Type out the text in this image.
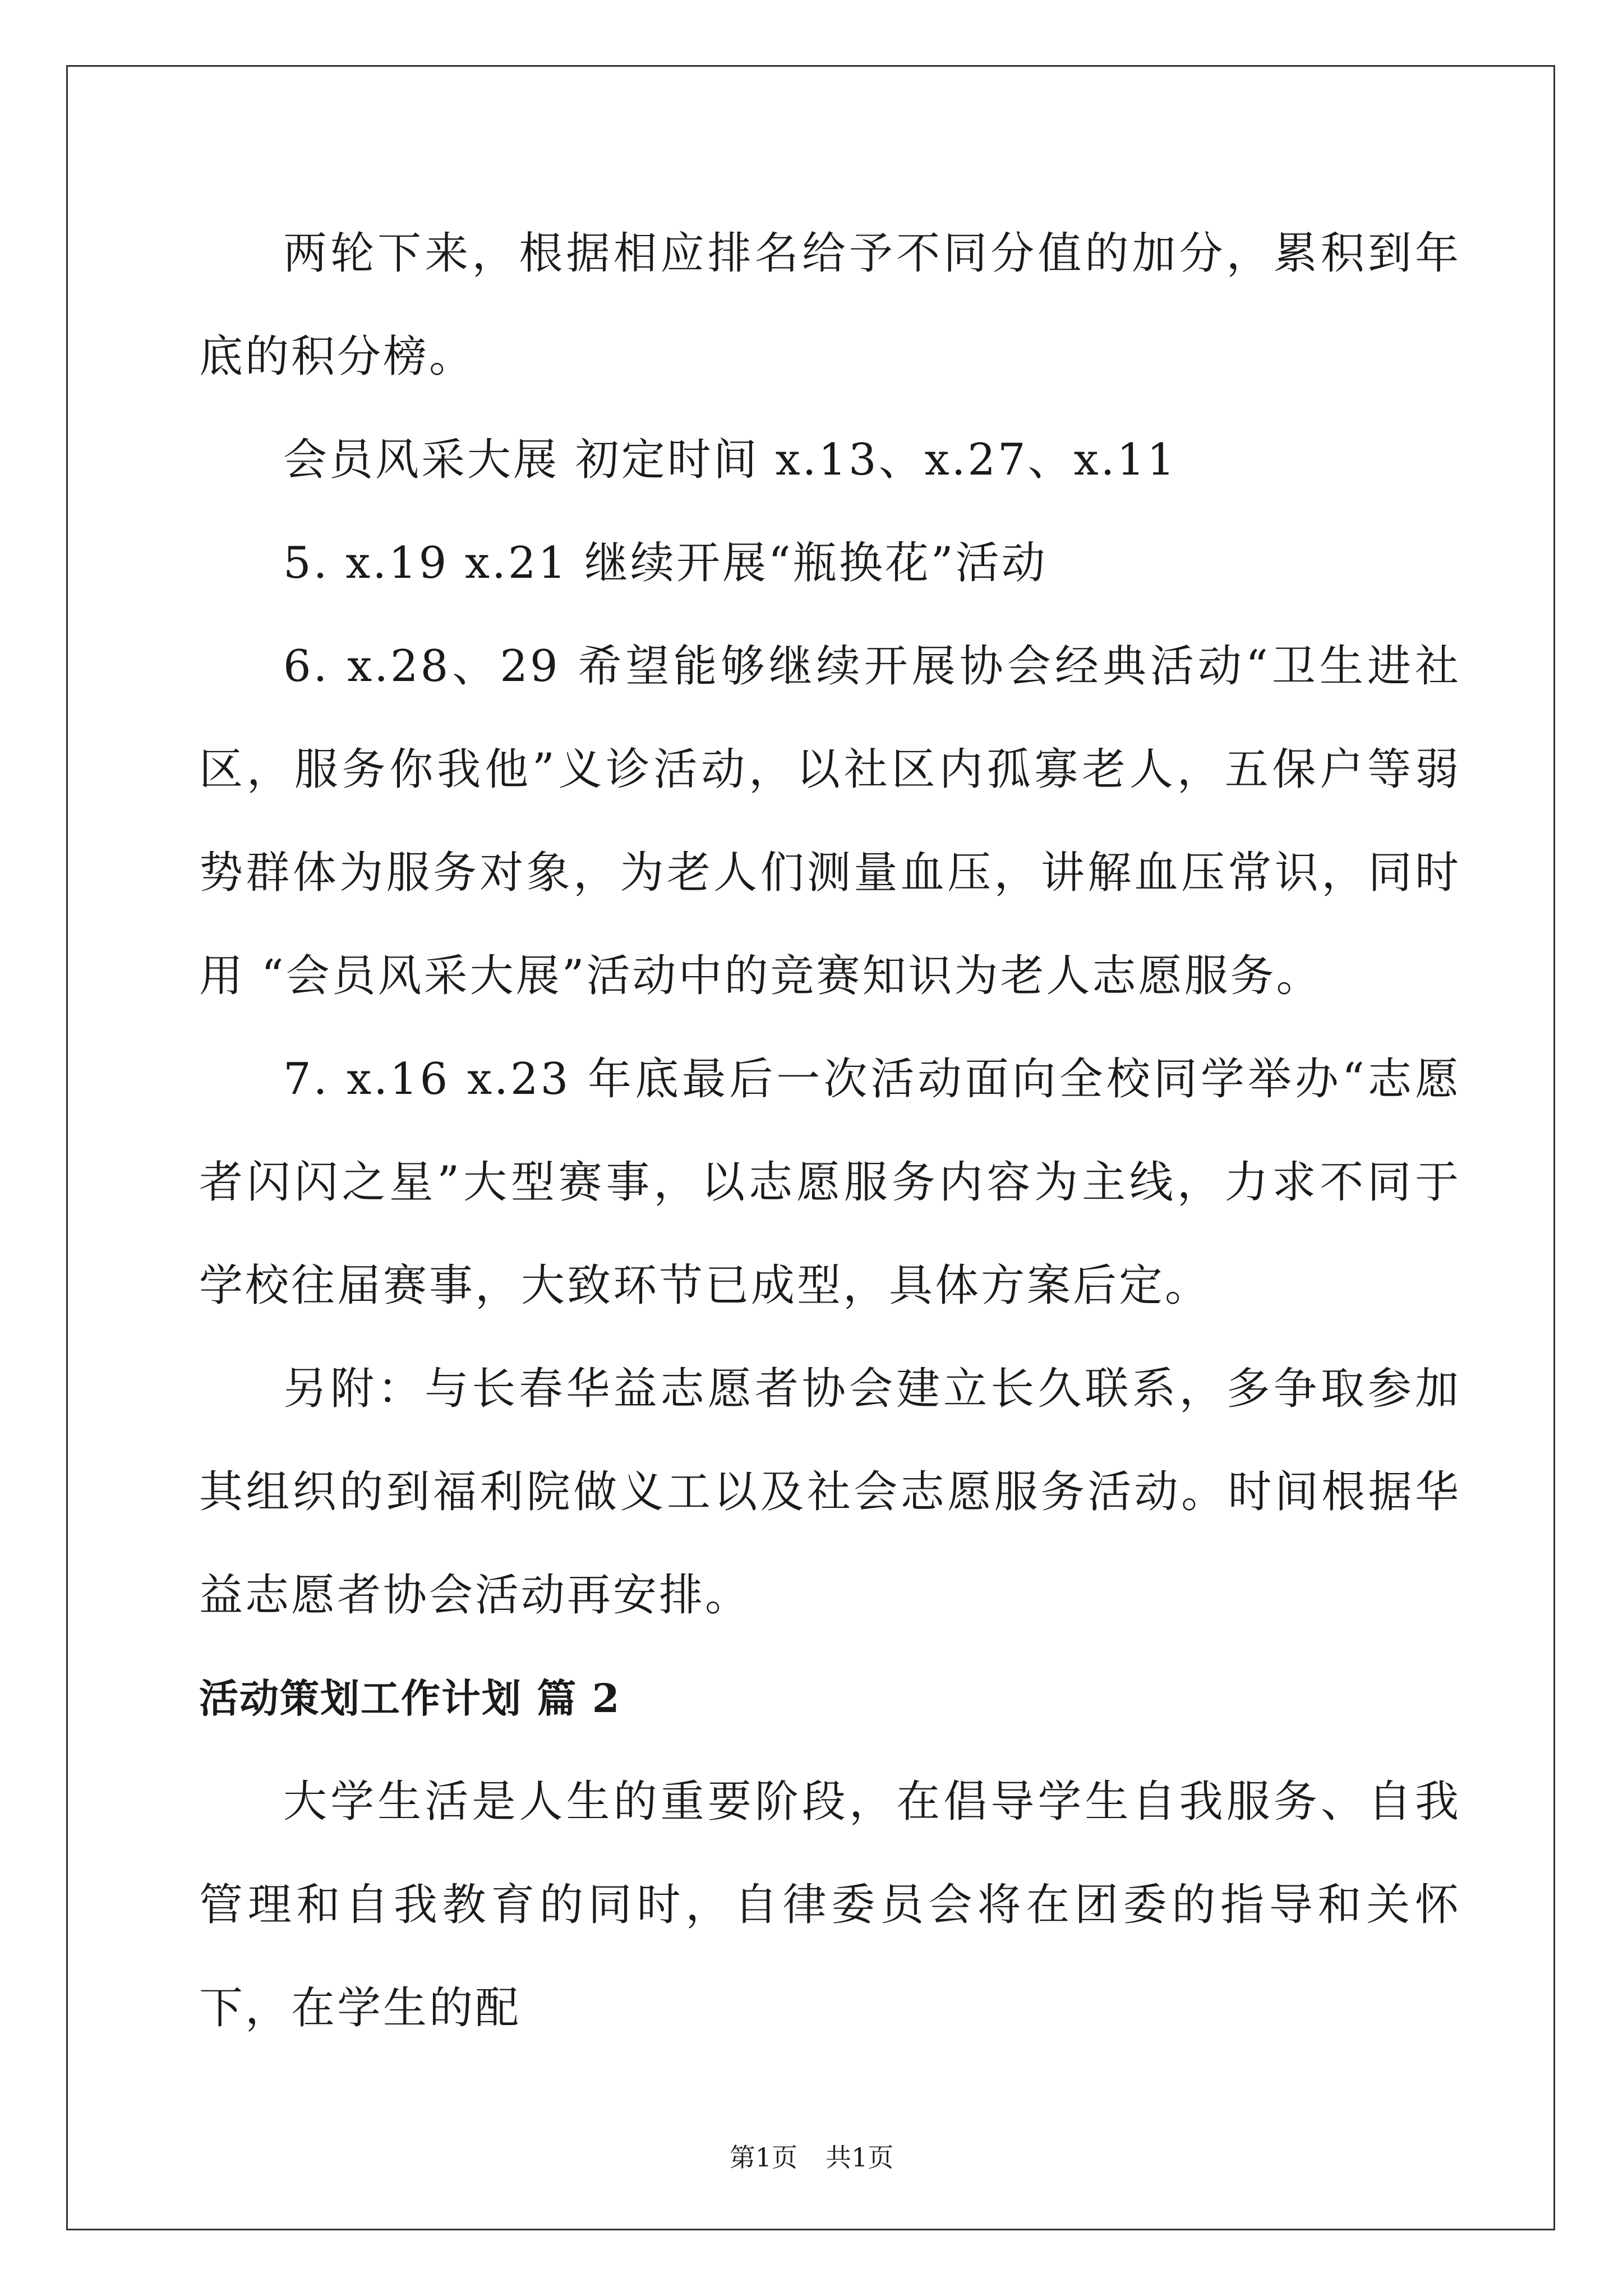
两轮下来，根据相应排名给予不同分值的加分，累积到年底的积分榜。

会员风采大展 初定时间 x.13、x.27、x.11

5. x.19 x.21 继续开展“瓶换花”活动

6. x.28、29 希望能够继续开展协会经典活动“卫生进社区，服务你我他”义诊活动，以社区内孤寡老人，五保户等弱势群体为服务对象，为老人们测量血压，讲解血压常识，同时用 “会员风采大展”活动中的竞赛知识为老人志愿服务。

7. x.16 x.23 年底最后一次活动面向全校同学举办“志愿者闪闪之星”大型赛事，以志愿服务内容为主线，力求不同于学校往届赛事，大致环节已成型，具体方案后定。

另附：与长春华益志愿者协会建立长久联系，多争取参加其组织的到福利院做义工以及社会志愿服务活动。时间根据华益志愿者协会活动再安排。

活动策划工作计划 篇 2

大学生活是人生的重要阶段，在倡导学生自我服务、自我管理和自我教育的同时，自律委员会将在团委的指导和关怀下，在学生的配

第1页 共1页
